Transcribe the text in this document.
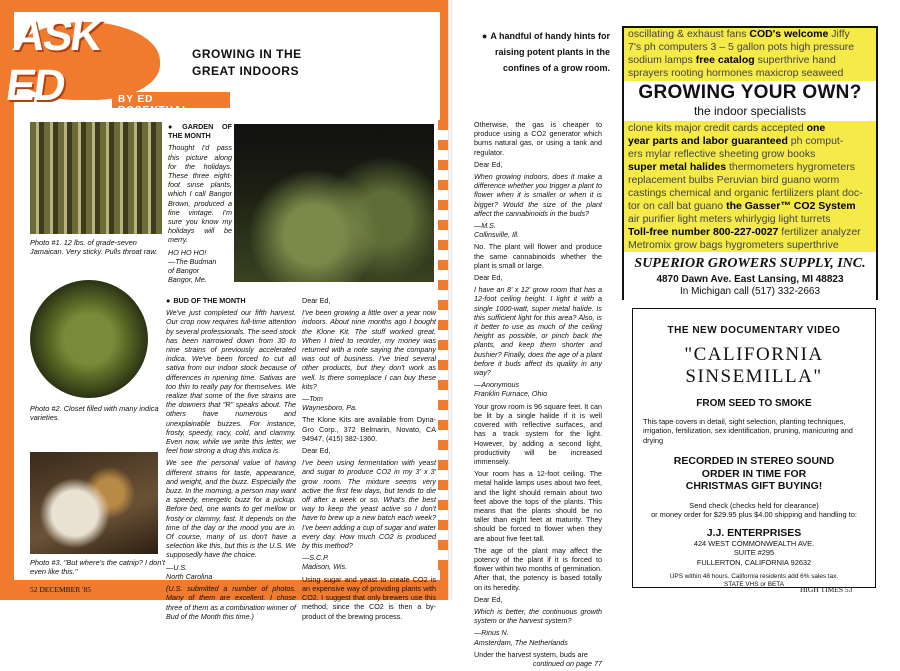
ASK ED	BY ED ROSENTHAL
GROWING IN THE
GREAT INDOORS
Photo #1. 12 lbs. of grade-seven Jamaican. Very sticky. Pulls throat raw.

● GARDEN OF THE MONTH

Thought I'd pass this picture along for the holidays. These three eight-foot sinse plants, which I call Bangor Brown, produced a fine vintage. I'm sure you know my holidays will be merry.

HO HO HO!
—The Budman
of Bangor
Bangor, Me.

Photo #2. Closet filled with many indica varieties.
Photo #3. "But where's the catnip? I don't even like this."

● BUD OF THE MONTH

We've just completed our fifth harvest. Our crop now requires full-time attention by several professionals. The seed stock has been narrowed down from 30 to nine strains of previously accelerated indica. We've been forced to cut all sativa from our indoor stock because of differences in ripening time. Sativas are too thin to really pay for themselves. We realize that some of the five strains are the downers that "R" speaks about. The others have numerous and unexplainable buzzes. For instance, frosty, speedy, racy, cold, and clammy. Even now, while we write this letter, we feel how strong a drug this indica is.

We see the personal value of having different strains for taste, appearance, and weight, and the buzz. Especially the buzz. In the morning, a person may want a speedy, energetic buzz for a pickup. Before bed, one wants to get mellow or frosty or clammy, fast. It depends on the time of the day or the mood you are in. Of course, many of us don't have a selection like this, but this is the U.S. We supposedly have the choice.

—U.S.
North Carolina

(U.S. submitted a number of photos. Many of them are excellent. I chose three of them as a combination winner of Bud of the Month this time.)

Dear Ed,

I've been growing a little over a year now indoors. About nine months ago I bought the Klone Kit. The stuff worked great. When I tried to reorder, my money was returned with a note saying the company was out of business. I've tried several other products, but they don't work as well. Is there someplace I can buy these kits?

—Tom
Waynesboro, Pa.

The Klone Kits are available from Dyna-Gro Corp., 372 Belmarin, Novato, CA 94947, (415) 382-1360.

Dear Ed,

I've been using fermentation with yeast and sugar to produce CO2 in my 3' x 3' grow room. The mixture seems very active the first few days, but tends to die off after a week or so. What's the best way to keep the yeast active so I don't have to brew up a new batch each week? I've been adding a cup of sugar and water every day. How much CO2 is produced by this method?

—S.C.P.
Madison, Wis.

Using sugar and yeast to create CO2 is an expensive way of providing plants with CO2. I suggest that only brewers use this method, since the CO2 is then a by-product of the brewing process.

52 DECEMBER '85
● A handful of handy hints for raising potent plants in the confines of a grow room.

Otherwise, the gas is cheaper to produce using a CO2 generator which burns natural gas, or using a tank and regulator.

Dear Ed,

When growing indoors, does it make a difference whether you trigger a plant to flower when it is smaller or when it is bigger? Would the size of the plant affect the cannabinoids in the buds?

—M.S.
Collinsville, Ill.

No. The plant will flower and produce the same cannabinoids whether the plant is small or large.

Dear Ed,

I have an 8' x 12' grow room that has a 12-foot ceiling height. I light it with a single 1000-watt, super metal halide. Is this sufficient light for this area? Also, is it better to use as much of the ceiling height as possible, or pinch back the plants, and keep them shorter and bushier? Finally, does the age of a plant before it buds affect its quality in any way?

—Anonymous
Franklin Furnace, Ohio

Your grow room is 96 square feet. It can be lit by a single halide if it is well covered with reflective surfaces, and has a track system for the light. However, by adding a second light, productivity will be increased immensely.

Your room has a 12-foot ceiling. The metal halide lamps uses about two feet, and the light should remain about two feet above the tops of the plants. This means that the plants should be no taller than eight feet at maturity. They should be forced to flower when they are about five feet tall.

The age of the plant may affect the potency of the plant if it is forced to flower within two months of germination. After that, the potency is based totally on its heredity.

Dear Ed,

Which is better, the continuous growth system or the harvest system?

—Rinus N.
Amsterdam, The Netherlands

Under the harvest system, buds are

continued on page 77

oscillating & exhaust fans COD's welcome Jiffy
7's ph computers 3 – 5 gallon pots high pressure
sodium lamps free catalog superthrive hand
sprayers rooting hormones maxicrop seaweed
GROWING YOUR OWN?
the indoor specialists
clone kits major credit cards accepted one
year parts and labor guaranteed ph comput-
ers mylar reflective sheeting grow books
super metal halides thermometers hygrometers
replacement bulbs Peruvian bird guano worm
castings chemical and organic fertilizers plant doc-
tor on call bat guano the Gasser™ CO2 System
air purifier light meters whirlygig light turrets
Toll-free number 800-227-0027 fertilizer analyzer
Metromix grow bags hygrometers superthrive
SUPERIOR GROWERS SUPPLY, INC.
4870 Dawn Ave. East Lansing, MI 48823
In Michigan call (517) 332-2663
THE NEW DOCUMENTARY VIDEO
"CALIFORNIA SINSEMILLA"
FROM SEED TO SMOKE
This tape covers in detail, sight selection, planting techniques, irrigation, fertilization, sex identification, pruning, manicuring and drying
RECORDED IN STEREO SOUND
ORDER IN TIME FOR
CHRISTMAS GIFT BUYING!
Send check (checks held for clearance)
or money order for $29.95 plus $4.00 shipping and handling to:
J.J. ENTERPRISES
424 WEST COMMONWEALTH AVE.
SUITE #295
FULLERTON, CALIFORNIA 92632
UPS within 48 hours. California residents add 6% sales tax.
STATE VHS or BETA
HIGH TIMES 53
